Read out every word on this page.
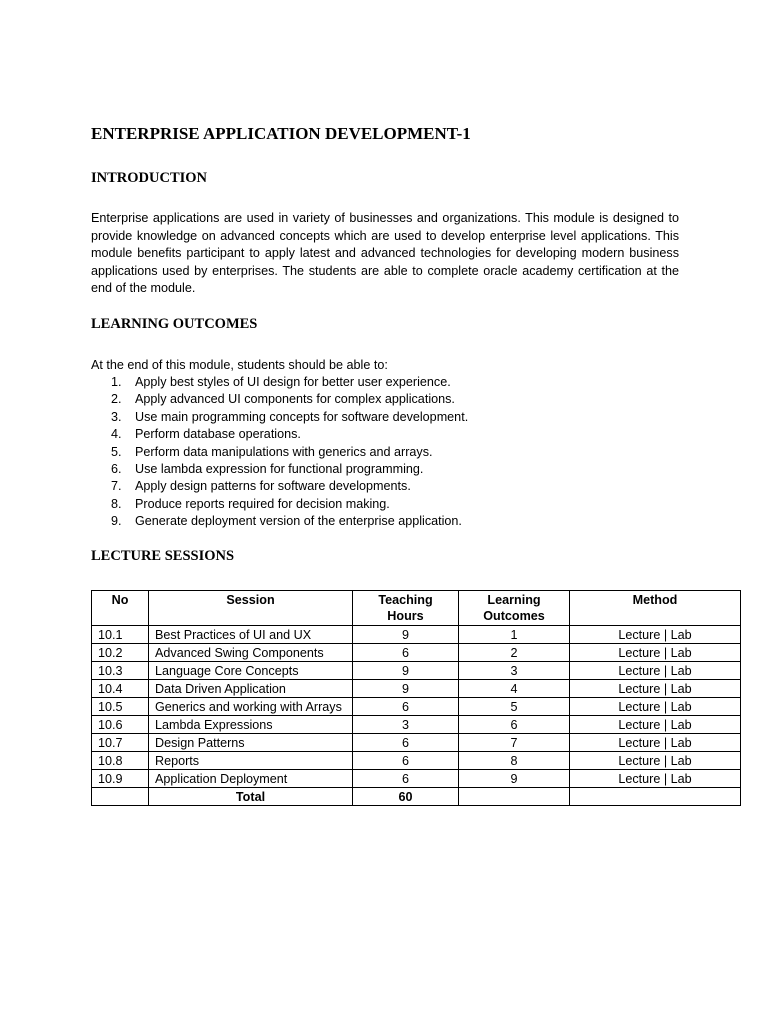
ENTERPRISE APPLICATION DEVELOPMENT-1
INTRODUCTION

Enterprise applications are used in variety of businesses and organizations. This module is designed to provide knowledge on advanced concepts which are used to develop enterprise level applications. This module benefits participant to apply latest and advanced technologies for developing modern business applications used by enterprises. The students are able to complete oracle academy certification at the end of the module.

LEARNING OUTCOMES

At the end of this module, students should be able to:

1. Apply best styles of UI design for better user experience.
2. Apply advanced UI components for complex applications.
3. Use main programming concepts for software development.
4. Perform database operations.
5. Perform data manipulations with generics and arrays.
6. Use lambda expression for functional programming.
7. Apply design patterns for software developments.
8. Produce reports required for decision making.
9. Generate deployment version of the enterprise application.
LECTURE SESSIONS
No	Session	Teaching Hours	Learning Outcomes	Method
10.1	Best Practices of UI and UX	9	1	Lecture | Lab
10.2	Advanced Swing Components	6	2	Lecture | Lab
10.3	Language Core Concepts	9	3	Lecture | Lab
10.4	Data Driven Application	9	4	Lecture | Lab
10.5	Generics and working with Arrays	6	5	Lecture | Lab
10.6	Lambda Expressions	3	6	Lecture | Lab
10.7	Design Patterns	6	7	Lecture | Lab
10.8	Reports	6	8	Lecture | Lab
10.9	Application Deployment	6	9	Lecture | Lab
	Total	60		
